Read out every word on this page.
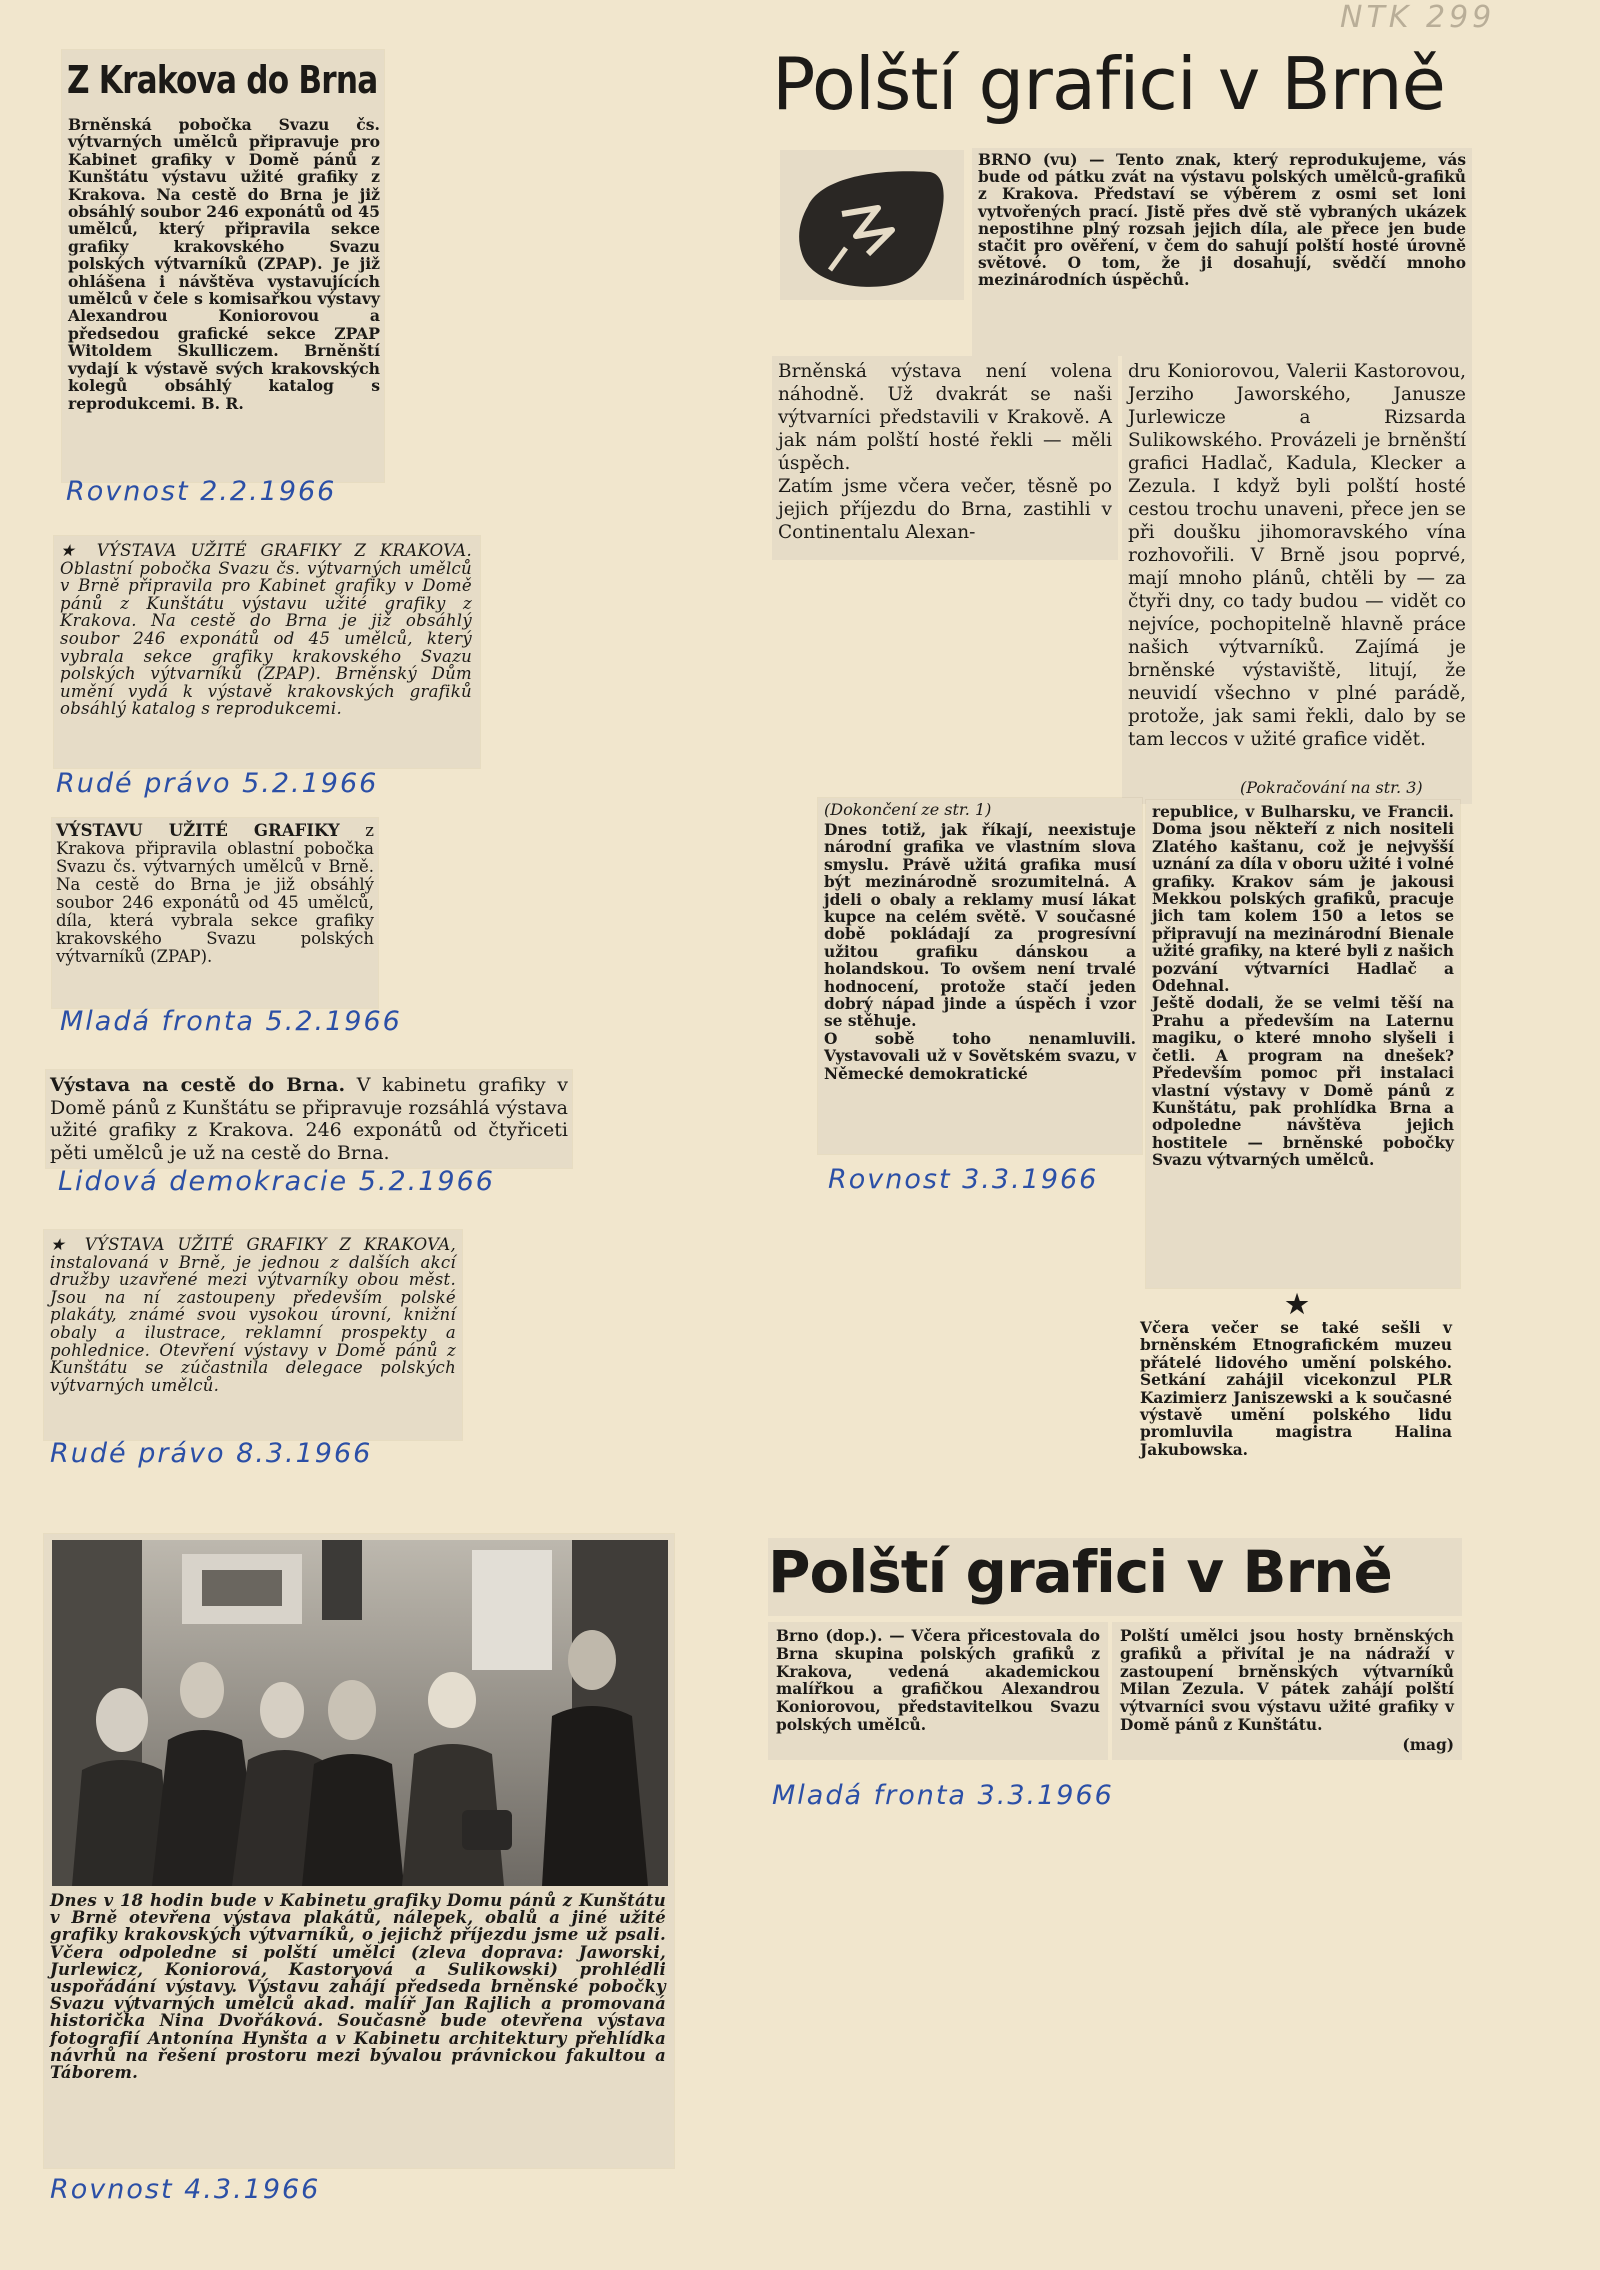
NTK 299
Z Krakova do Brna

Brněnská pobočka Svazu čs. výtvarných umělců připravuje pro Kabinet grafiky v Domě pánů z Kunštátu výstavu užité grafiky z Krakova. Na cestě do Brna je již obsáhlý soubor 246 exponátů od 45 umělců, který připravila sekce grafiky krakovského Svazu polských výtvarníků (ZPAP). Je již ohlášena i návštěva vystavujících umělců v čele s komisařkou výstavy Alexandrou Koniorovou a předsedou grafické sekce ZPAP Witoldem Skulliczem. Brněnští vydají k výstavě svých krakovských kolegů obsáhlý katalog s reprodukcemi. B. R.

Rovnost 2.2.1966

★ VÝSTAVA UŽITÉ GRAFIKY Z KRAKOVA. Oblastní pobočka Svazu čs. výtvarných umělců v Brně připravila pro Kabinet grafiky v Domě pánů z Kunštátu výstavu užité grafiky z Krakova. Na cestě do Brna je již obsáhlý soubor 246 exponátů od 45 umělců, který vybrala sekce grafiky krakovského Svazu polských výtvarníků (ZPAP). Brněnský Dům umění vydá k výstavě krakovských grafiků obsáhlý katalog s reprodukcemi.

Rudé právo 5.2.1966

VÝSTAVU UŽITÉ GRAFIKY z Krakova připravila oblastní pobočka Svazu čs. výtvarných umělců v Brně. Na cestě do Brna je již obsáhlý soubor 246 exponátů od 45 umělců, díla, která vybrala sekce grafiky krakovského Svazu polských výtvarníků (ZPAP).

Mladá fronta 5.2.1966

Výstava na cestě do Brna. V kabinetu grafiky v Domě pánů z Kunštátu se připravuje rozsáhlá výstava užité grafiky z Krakova. 246 exponátů od čtyřiceti pěti umělců je už na cestě do Brna.

Lidová demokracie 5.2.1966

★ VÝSTAVA UŽITÉ GRAFIKY Z KRAKOVA, instalovaná v Brně, je jednou z dalších akcí družby uzavřené mezi výtvarníky obou měst. Jsou na ní zastoupeny především polské plakáty, známé svou vysokou úrovní, knižní obaly a ilustrace, reklamní prospekty a pohlednice. Otevření výstavy v Domě pánů z Kunštátu se zúčastnila delegace polských výtvarných umělců.

Rudé právo 8.3.1966
Polští grafici v Brně

BRNO (vu) — Tento znak, který reprodukujeme, vás bude od pátku zvát na výstavu polských umělců-grafiků z Krakova. Představí se výběrem z osmi set loni vytvořených prací. Jistě přes dvě stě vybraných ukázek nepostihne plný rozsah jejich díla, ale přece jen bude stačit pro ověření, v čem do sahují polští hosté úrovně světové. O tom, že ji dosahují, svědčí mnoho mezinárodních úspěchů.

Brněnská výstava není volena náhodně. Už dvakrát se naši výtvarníci představili v Krakově. A jak nám polští hosté řekli — měli úspěch.
Zatím jsme včera večer, těsně po jejich příjezdu do Brna, zastihli v Continentalu Alexan-

dru Koniorovou, Valerii Kastorovou, Jerziho Jaworského, Janusze Jurlewicze a Rizsarda Sulikowského. Provázeli je brněnští grafici Hadlač, Kadula, Klecker a Zezula. I když byli polští hosté cestou trochu unaveni, přece jen se při doušku jihomoravského vína rozhovořili. V Brně jsou poprvé, mají mnoho plánů, chtěli by — za čtyři dny, co tady budou — vidět co nejvíce, pochopitelně hlavně práce našich výtvarníků. Zajímá je brněnské výstaviště, litují, že neuvidí všechno v plné parádě, protože, jak sami řekli, dalo by se tam leccos v užité grafice vidět.

(Pokračování na str. 3)

(Dokončení ze str. 1)

Dnes totiž, jak říkají, neexistuje národní grafika ve vlastním slova smyslu. Právě užitá grafika musí být mezinárodně srozumitelná. A jdeli o obaly a reklamy musí lákat kupce na celém světě. V současné době pokládají za progresívní užitou grafiku dánskou a holandskou. To ovšem není trvalé hodnocení, protože stačí jeden dobrý nápad jinde a úspěch i vzor se stěhuje.
O sobě toho nenamluvili. Vystavovali už v Sovětském svazu, v Německé demokratické

Rovnost 3.3.1966

republice, v Bulharsku, ve Francii. Doma jsou někteří z nich nositeli Zlatého kaštanu, což je nejvyšší uznání za díla v oboru užité i volné grafiky. Krakov sám je jakousi Mekkou polských grafiků, pracuje jich tam kolem 150 a letos se připravují na mezinárodní Bienale užité grafiky, na které byli z našich pozvání výtvarníci Hadlač a Odehnal.
Ještě dodali, že se velmi těší na Prahu a především na Laternu magiku, o které mnoho slyšeli i četli. A program na dnešek? Především pomoc při instalaci vlastní výstavy v Domě pánů z Kunštátu, pak prohlídka Brna a odpoledne návštěva jejich hostitele — brněnské pobočky Svazu výtvarných umělců.

★

Včera večer se také sešli v brněnském Etnografickém muzeu přátelé lidového umění polského. Setkání zahájil vicekonzul PLR Kazimierz Janiszewski a k současné výstavě umění polského lidu promluvila magistra Halina Jakubowska.

Dnes v 18 hodin bude v Kabinetu grafiky Domu pánů z Kunštátu v Brně otevřena výstava plakátů, nálepek, obalů a jiné užité grafiky krakovských výtvarníků, o jejichž příjezdu jsme už psali. Včera odpoledne si polští umělci (zleva doprava: Jaworski, Jurlewicz, Koniorová, Kastoryová a Sulikowski) prohlédli uspořádání výstavy. Výstavu zahájí předseda brněnské pobočky Svazu výtvarných umělců akad. malíř Jan Rajlich a promovaná historička Nina Dvořáková. Současně bude otevřena výstava fotografií Antonína Hynšta a v Kabinetu architektury přehlídka návrhů na řešení prostoru mezi bývalou právnickou fakultou a Táborem.

Rovnost 4.3.1966
Polští grafici v Brně

Brno (dop.). — Včera přicestovala do Brna skupina polských grafiků z Krakova, vedená akademickou malířkou a grafičkou Alexandrou Koniorovou, představitelkou Svazu polských umělců.

Polští umělci jsou hosty brněnských grafiků a přivítal je na nádraží v zastoupení brněnských výtvarníků Milan Zezula. V pátek zahájí polští výtvarníci svou výstavu užité grafiky v Domě pánů z Kunštátu.

(mag)
Mladá fronta 3.3.1966
